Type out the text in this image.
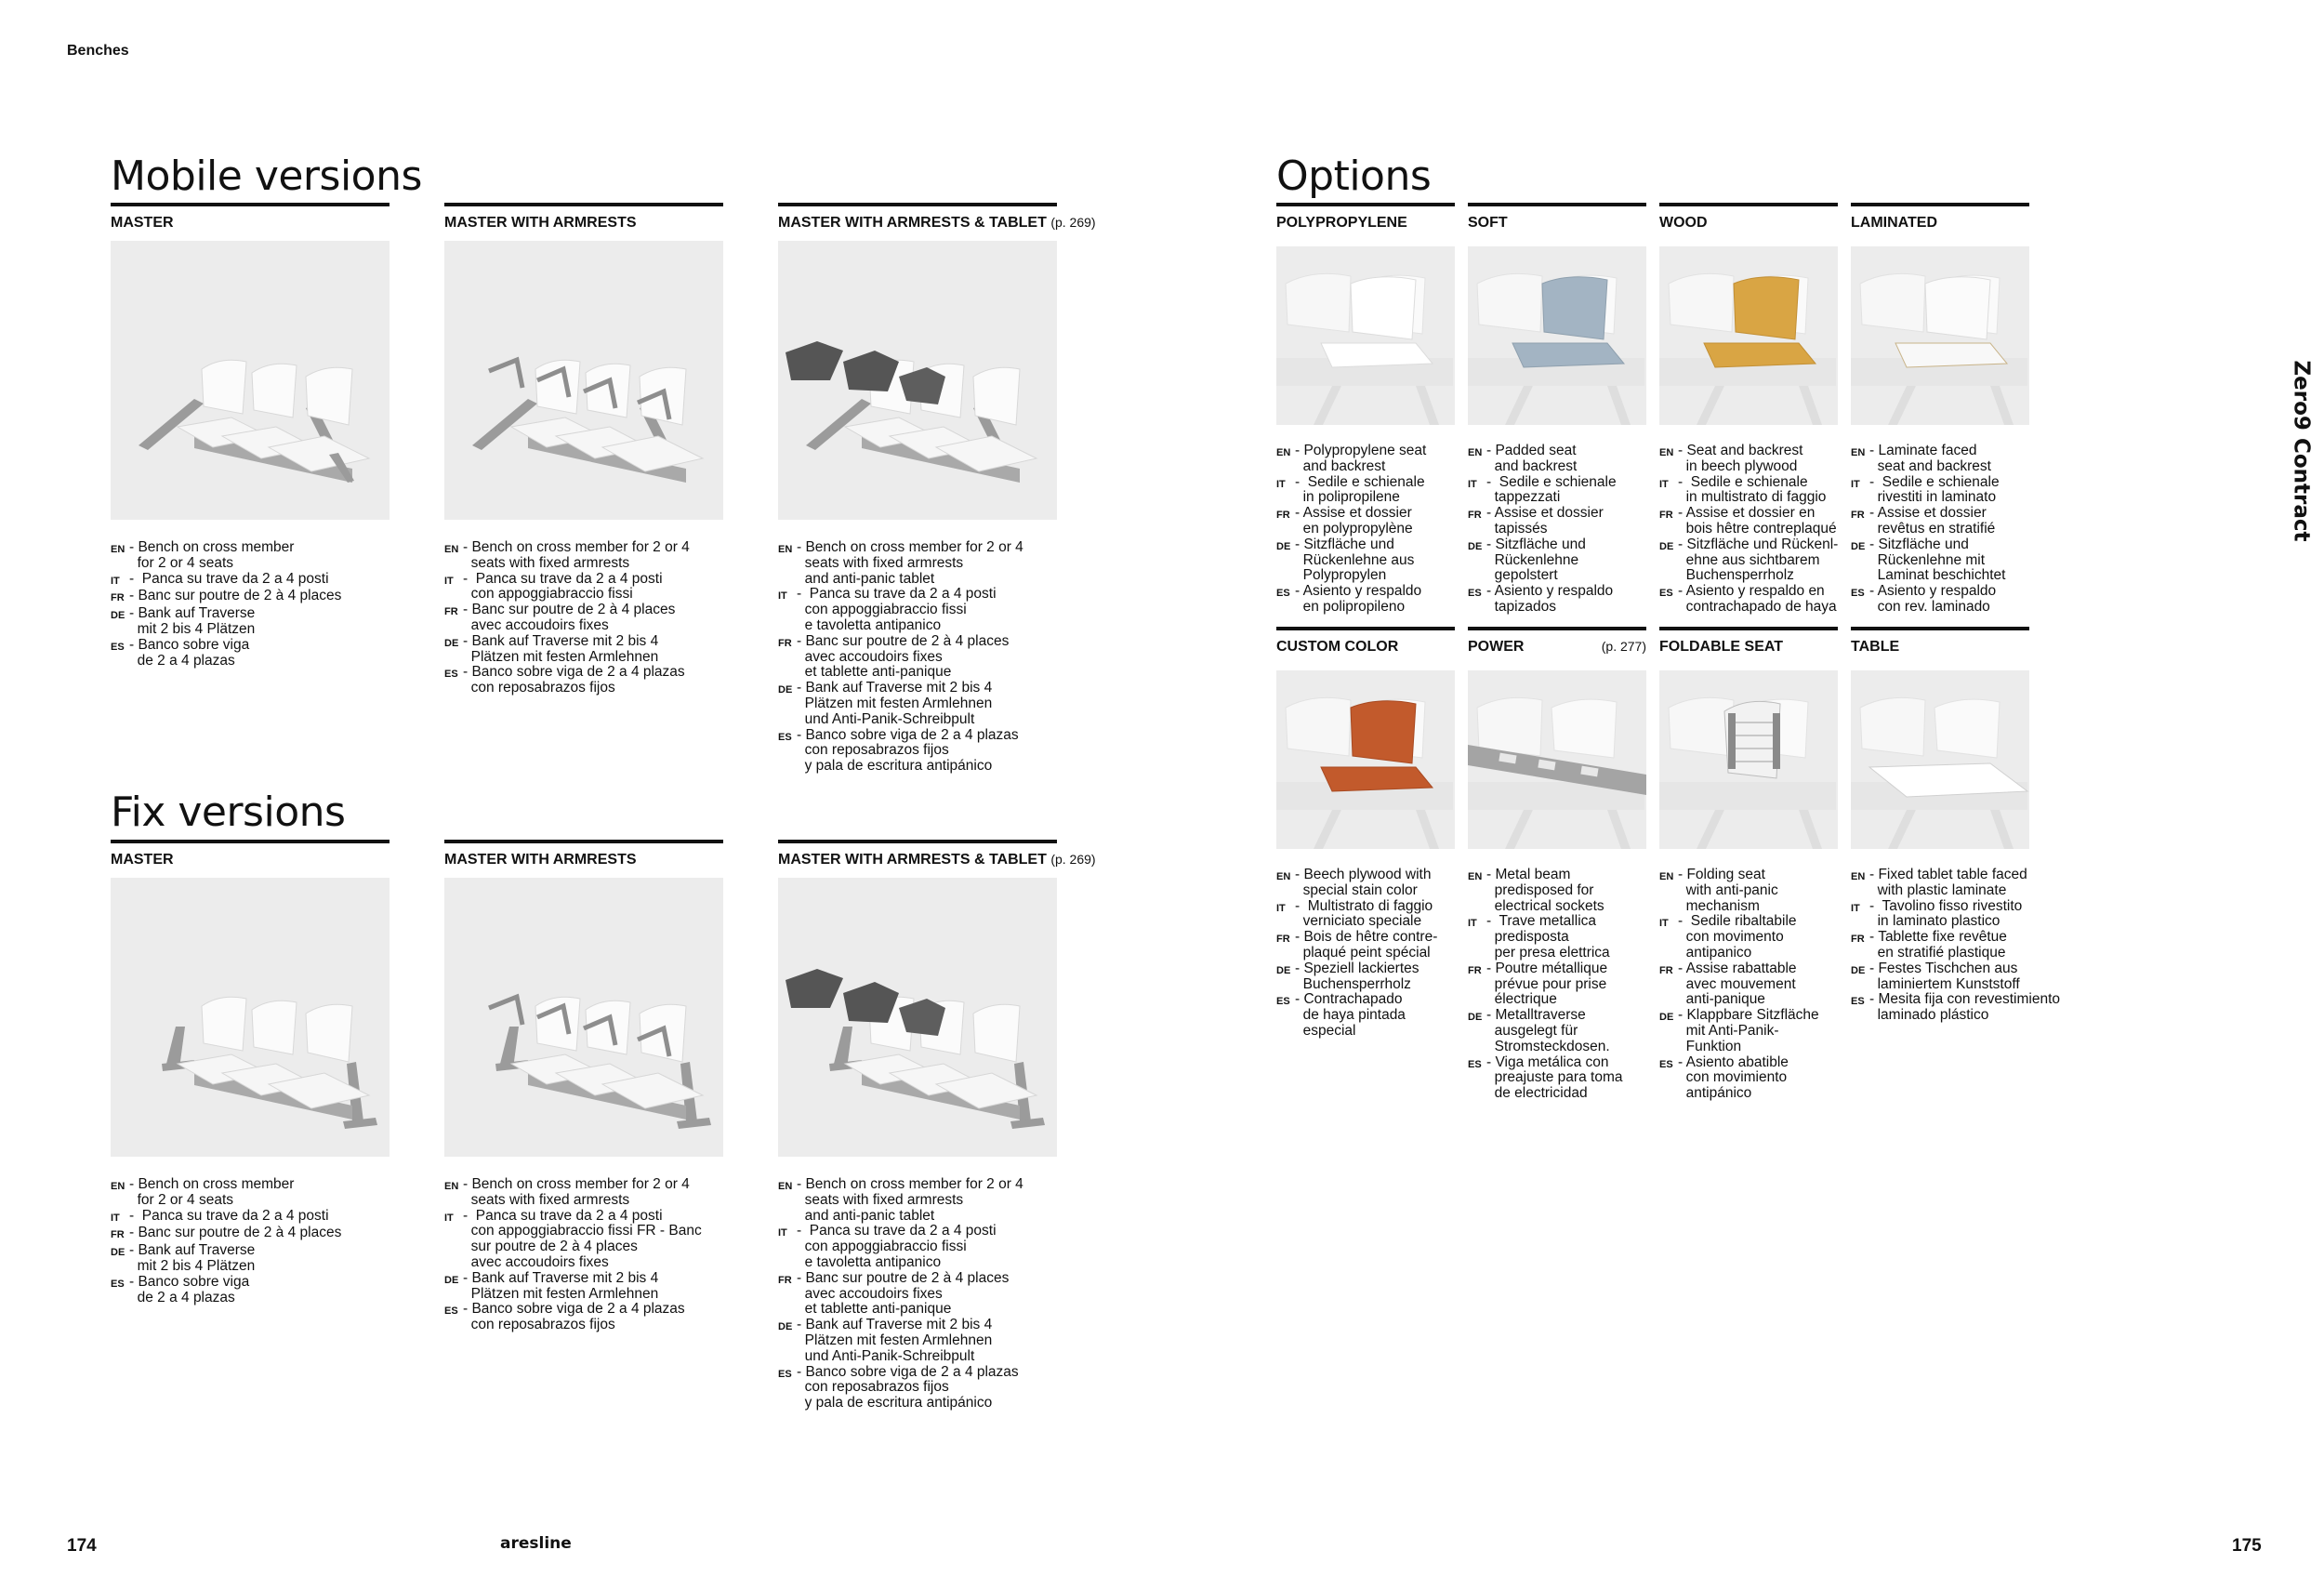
Benches
Zero9 Contract
Mobile versions
Fix versions
Options
MASTER
EN - Bench on cross member
for 2 or 4 seats
IT -  Panca su trave da 2 a 4 posti
FR - Banc sur poutre de 2 à 4 places
DE - Bank auf Traverse
mit 2 bis 4 Plätzen
ES - Banco sobre viga
de 2 a 4 plazas
MASTER WITH ARMRESTS
EN - Bench on cross member for 2 or 4
seats with fixed armrests
IT -  Panca su trave da 2 a 4 posti
con appoggiabraccio fissi
FR - Banc sur poutre de 2 à 4 places
avec accoudoirs fixes
DE - Bank auf Traverse mit 2 bis 4
Plätzen mit festen Armlehnen
ES - Banco sobre viga de 2 a 4 plazas
con reposabrazos fijos
MASTER WITH ARMRESTS & TABLET (p. 269)
EN - Bench on cross member for 2 or 4
seats with fixed armrests
and anti-panic tablet
IT -  Panca su trave da 2 a 4 posti
con appoggiabraccio fissi
e tavoletta antipanico
FR - Banc sur poutre de 2 à 4 places
avec accoudoirs fixes
et tablette anti-panique
DE - Bank auf Traverse mit 2 bis 4
Plätzen mit festen Armlehnen
und Anti-Panik-Schreibpult
ES - Banco sobre viga de 2 a 4 plazas
con reposabrazos fijos
y pala de escritura antipánico
MASTER
EN - Bench on cross member
for 2 or 4 seats
IT -  Panca su trave da 2 a 4 posti
FR - Banc sur poutre de 2 à 4 places
DE - Bank auf Traverse
mit 2 bis 4 Plätzen
ES - Banco sobre viga
de 2 a 4 plazas
MASTER WITH ARMRESTS
EN - Bench on cross member for 2 or 4
seats with fixed armrests
IT -  Panca su trave da 2 a 4 posti
con appoggiabraccio fissi FR - Banc
sur poutre de 2 à 4 places
avec accoudoirs fixes
DE - Bank auf Traverse mit 2 bis 4
Plätzen mit festen Armlehnen
ES - Banco sobre viga de 2 a 4 plazas
con reposabrazos fijos
MASTER WITH ARMRESTS & TABLET (p. 269)
EN - Bench on cross member for 2 or 4
seats with fixed armrests
and anti-panic tablet
IT -  Panca su trave da 2 a 4 posti
con appoggiabraccio fissi
e tavoletta antipanico
FR - Banc sur poutre de 2 à 4 places
avec accoudoirs fixes
et tablette anti-panique
DE - Bank auf Traverse mit 2 bis 4
Plätzen mit festen Armlehnen
und Anti-Panik-Schreibpult
ES - Banco sobre viga de 2 a 4 plazas
con reposabrazos fijos
y pala de escritura antipánico
POLYPROPYLENE
EN - Polypropylene seat
and backrest
IT -  Sedile e schienale
in polipropilene
FR - Assise et dossier
en polypropylène
DE - Sitzfläche und
Rückenlehne aus
Polypropylen
ES - Asiento y respaldo
en polipropileno
SOFT
EN - Padded seat
and backrest
IT -  Sedile e schienale
tappezzati
FR - Assise et dossier
tapissés
DE - Sitzfläche und
Rückenlehne
gepolstert
ES - Asiento y respaldo
tapizados
WOOD
EN - Seat and backrest
in beech plywood
IT -  Sedile e schienale
in multistrato di faggio
FR - Assise et dossier en
bois hêtre contreplaqué
DE - Sitzfläche und Rückenl-
ehne aus sichtbarem
Buchensperrholz
ES - Asiento y respaldo en
contrachapado de haya
LAMINATED
EN - Laminate faced
seat and backrest
IT -  Sedile e schienale
rivestiti in laminato
FR - Assise et dossier
revêtus en stratifié
DE - Sitzfläche und
Rückenlehne mit
Laminat beschichtet
ES - Asiento y respaldo
con rev. laminado
CUSTOM COLOR
EN - Beech plywood with
special stain color
IT -  Multistrato di faggio
verniciato speciale
FR - Bois de hêtre contre-
plaqué peint spécial
DE - Speziell lackiertes
Buchensperrholz
ES - Contrachapado
de haya pintada
especial
POWER	(p. 277)
EN - Metal beam
predisposed for
electrical sockets
IT -  Trave metallica
predisposta
per presa elettrica
FR - Poutre métallique
prévue pour prise
électrique
DE - Metalltraverse
ausgelegt für
Stromsteckdosen.
ES - Viga metálica con
preajuste para toma
de electricidad
FOLDABLE SEAT
EN - Folding seat
with anti-panic
mechanism
IT -  Sedile ribaltabile
con movimento
antipanico
FR - Assise rabattable
avec mouvement
anti-panique
DE - Klappbare Sitzfläche
mit Anti-Panik-
Funktion
ES - Asiento abatible
con movimiento
antipánico
TABLE
EN - Fixed tablet table faced
with plastic laminate
IT -  Tavolino fisso rivestito
in laminato plastico
FR - Tablette fixe revêtue
en stratifié plastique
DE - Festes Tischchen aus
laminiertem Kunststoff
ES - Mesita fija con revestimiento
laminado plástico
174	aresline	175
